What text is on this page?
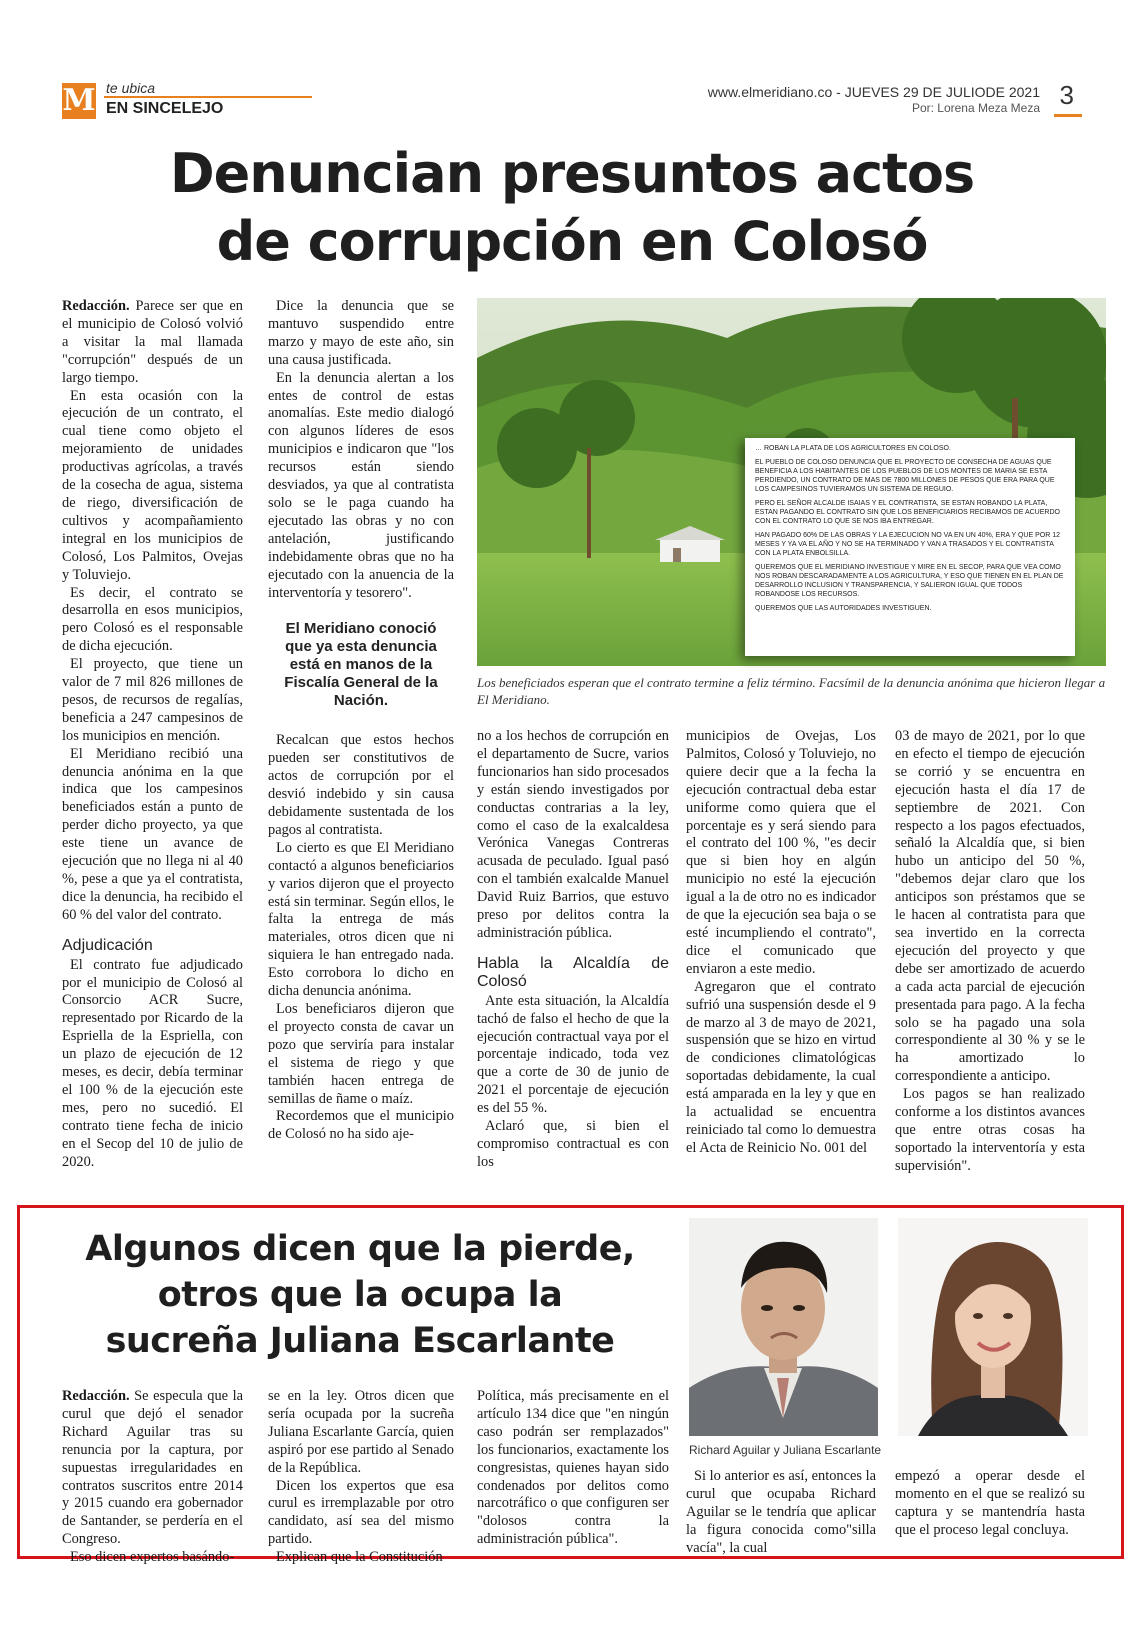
M te ubica
EN SINCELEJO
www.elmeridiano.co - JUEVES 29 DE JULIODE 2021
Por: Lorena Meza Meza 3
Denuncian presuntos actos
de corrupción en Colosó

Redacción. Parece ser que en el municipio de Colosó volvió a visitar la mal llamada "corrupción" después de un largo tiempo.

En esta ocasión con la ejecución de un contrato, el cual tiene como objeto el mejoramiento de unidades productivas agrícolas, a través de la cosecha de agua, sistema de riego, diversificación de cultivos y acompañamiento integral en los municipios de Colosó, Los Palmitos, Ovejas y Toluviejo.

Es decir, el contrato se desarrolla en esos municipios, pero Colosó es el responsable de dicha ejecución.

El proyecto, que tiene un valor de 7 mil 826 millones de pesos, de recursos de regalías, beneficia a 247 campesinos de los municipios en mención.

El Meridiano recibió una denuncia anónima en la que indica que los campesinos beneficiados están a punto de perder dicho proyecto, ya que este tiene un avance de ejecución que no llega ni al 40 %, pese a que ya el contratista, dice la denuncia, ha recibido el 60 % del valor del contrato.

Adjudicación

El contrato fue adjudicado por el municipio de Colosó al Consorcio ACR Sucre, representado por Ricardo de la Espriella de la Espriella, con un plazo de ejecución de 12 meses, es decir, debía terminar el 100 % de la ejecución este mes, pero no sucedió. El contrato tiene fecha de inicio en el Secop del 10 de julio de 2020.

Dice la denuncia que se mantuvo suspendido entre marzo y mayo de este año, sin una causa justificada.

En la denuncia alertan a los entes de control de estas anomalías. Este medio dialogó con algunos líderes de esos municipios e indicaron que "los recursos están siendo desviados, ya que al contratista solo se le paga cuando ha ejecutado las obras y no con antelación, justificando indebidamente obras que no ha ejecutado con la anuencia de la interventoría y tesorero".

El Meridiano conoció que ya esta denuncia está en manos de la Fiscalía General de la Nación.

Recalcan que estos hechos pueden ser constitutivos de actos de corrupción por el desvió indebido y sin causa debidamente sustentada de los pagos al contratista.

Lo cierto es que El Meridiano contactó a algunos beneficiarios y varios dijeron que el proyecto está sin terminar. Según ellos, le falta la entrega de más materiales, otros dicen que ni siquiera le han entregado nada. Esto corrobora lo dicho en dicha denuncia anónima.

Los beneficiaros dijeron que el proyecto consta de cavar un pozo que serviría para instalar el sistema de riego y que también hacen entrega de semillas de ñame o maíz.

Recordemos que el municipio de Colosó no ha sido aje-

… ROBAN LA PLATA DE LOS AGRICULTORES EN COLOSO.

EL PUEBLO DE COLOSO DENUNCIA QUE EL PROYECTO DE CONSECHA DE AGUAS QUE BENEFICIA A LOS HABITANTES DE LOS PUEBLOS DE LOS MONTES DE MARIA SE ESTA PERDIENDO, UN CONTRATO DE MAS DE 7800 MILLONES DE PESOS QUE ERA PARA QUE LOS CAMPESINOS TUVIERAMOS UN SISTEMA DE REGUIO.

PERO EL SEÑOR ALCALDE ISAIAS Y EL CONTRATISTA, SE ESTAN ROBANDO LA PLATA, ESTAN PAGANDO EL CONTRATO SIN QUE LOS BENEFICIARIOS RECIBAMOS DE ACUERDO CON EL CONTRATO LO QUE SE NOS IBA ENTREGAR.

HAN PAGADO 60% DE LAS OBRAS Y LA EJECUCION NO VA EN UN 40%, ERA Y QUE POR 12 MESES Y YA VA EL AÑO Y NO SE HA TERMINADO Y VAN A TRASADOS Y EL CONTRATISTA CON LA PLATA ENBOLSILLA.

QUEREMOS QUE EL MERIDIANO INVESTIGUE Y MIRE EN EL SECOP, PARA QUE VEA COMO NOS ROBAN DESCARADAMENTE A LOS AGRICULTURA, Y ESO QUE TIENEN EN EL PLAN DE DESARROLLO INCLUSION Y TRANSPARENCIA, Y SALIERON IGUAL QUE TODOS ROBANDOSE LOS RECURSOS.

QUEREMOS QUE LAS AUTORIDADES INVESTIGUEN.

Los beneficiados esperan que el contrato termine a feliz término. Facsímil de la denuncia anónima que hicieron llegar a El Meridiano.

no a los hechos de corrupción en el departamento de Sucre, varios funcionarios han sido procesados y están siendo investigados por conductas contrarias a la ley, como el caso de la exalcaldesa Verónica Vanegas Contreras acusada de peculado. Igual pasó con el también exalcalde Manuel David Ruiz Barrios, que estuvo preso por delitos contra la administración pública.

Habla la Alcaldía de Colosó

Ante esta situación, la Alcaldía tachó de falso el hecho de que la ejecución contractual vaya por el porcentaje indicado, toda vez que a corte de 30 de junio de 2021 el porcentaje de ejecución es del 55 %.

Aclaró que, si bien el compromiso contractual es con los

municipios de Ovejas, Los Palmitos, Colosó y Toluviejo, no quiere decir que a la fecha la ejecución contractual deba estar uniforme como quiera que el porcentaje es y será siendo para el contrato del 100 %, "es decir que si bien hoy en algún municipio no esté la ejecución igual a la de otro no es indicador de que la ejecución sea baja o se esté incumpliendo el contrato", dice el comunicado que enviaron a este medio.

Agregaron que el contrato sufrió una suspensión desde el 9 de marzo al 3 de mayo de 2021, suspensión que se hizo en virtud de condiciones climatológicas soportadas debidamente, la cual está amparada en la ley y que en la actualidad se encuentra reiniciado tal como lo demuestra el Acta de Reinicio No. 001 del

03 de mayo de 2021, por lo que en efecto el tiempo de ejecución se corrió y se encuentra en ejecución hasta el día 17 de septiembre de 2021. Con respecto a los pagos efectuados, señaló la Alcaldía que, si bien hubo un anticipo del 50 %, "debemos dejar claro que los anticipos son préstamos que se le hacen al contratista para que sea invertido en la correcta ejecución del proyecto y que debe ser amortizado de acuerdo a cada acta parcial de ejecución presentada para pago. A la fecha solo se ha pagado una sola correspondiente al 30 % y se le ha amortizado lo correspondiente a anticipo.

Los pagos se han realizado conforme a los distintos avances que entre otras cosas ha soportado la interventoría y esta supervisión".

Algunos dicen que la pierde,
otros que la ocupa la
sucreña Juliana Escarlante
Richard Aguilar y Juliana Escarlante

Redacción. Se especula que la curul que dejó el senador Richard Aguilar tras su renuncia por la captura, por supuestas irregularidades en contratos suscritos entre 2014 y 2015 cuando era gobernador de Santander, se perdería en el Congreso.

Eso dicen expertos basándo-

se en la ley. Otros dicen que sería ocupada por la sucreña Juliana Escarlante García, quien aspiró por ese partido al Senado de la República.

Dicen los expertos que esa curul es irremplazable por otro candidato, así sea del mismo partido.

Explican que la Constitución

Política, más precisamente en el artículo 134 dice que "en ningún caso podrán ser remplazados" los funcionarios, exactamente los congresistas, quienes hayan sido condenados por delitos como narcotráfico o que configuren ser "dolosos contra la administración pública".

Si lo anterior es así, entonces la curul que ocupaba Richard Aguilar se le tendría que aplicar la figura conocida como"silla vacía", la cual

empezó a operar desde el momento en el que se realizó su captura y se mantendría hasta que el proceso legal concluya.
